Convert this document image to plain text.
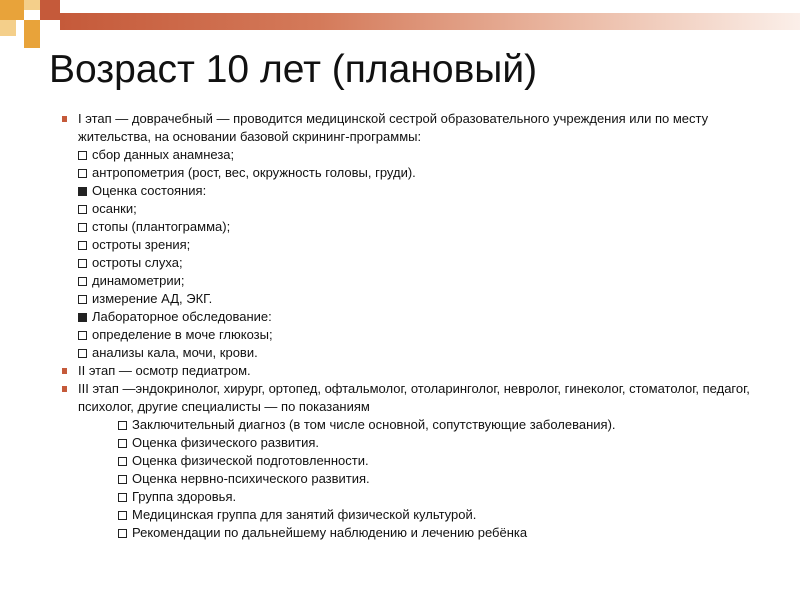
Возраст 10 лет (плановый)
I этап — доврачебный — проводится медицинской сестрой образовательного учреждения или по месту жительства, на основании базовой скрининг-программы:
сбор данных анамнеза;
антропометрия (рост, вес, окружность головы, груди).
Оценка состояния:
осанки;
стопы (плантограмма);
остроты зрения;
остроты слуха;
динамометрии;
измерение АД, ЭКГ.
Лабораторное обследование:
определение в моче глюкозы;
анализы кала, мочи, крови.
II этап — осмотр педиатром.
III этап —эндокринолог, хирург, ортопед, офтальмолог, отоларинголог, невролог, гинеколог, стоматолог, педагог, психолог, другие специалисты — по показаниям
Заключительный диагноз (в том числе основной, сопутствующие заболевания).
Оценка физического развития.
Оценка физической подготовленности.
Оценка нервно-психического развития.
Группа здоровья.
Медицинская группа для занятий физической культурой.
Рекомендации по дальнейшему наблюдению и лечению ребёнка
